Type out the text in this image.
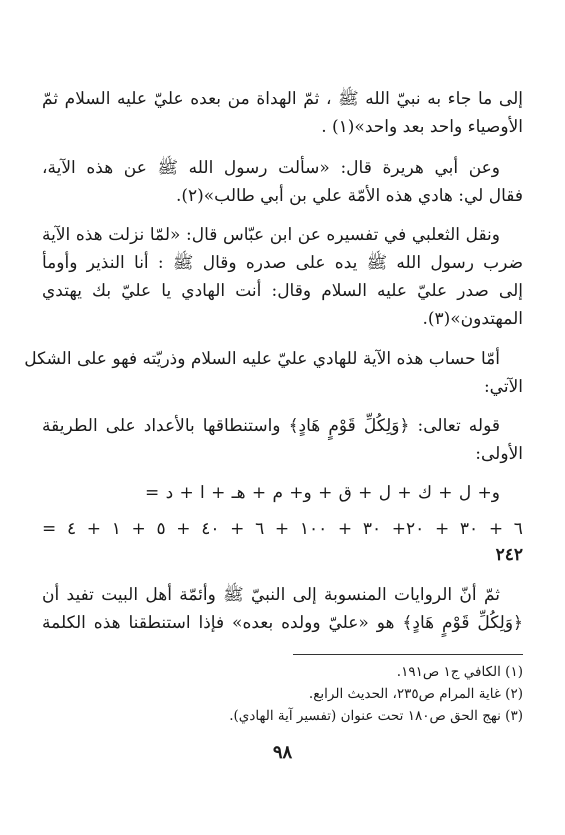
إلى ما جاء به نبيّ الله ﷺ ، ثمّ الهداة من بعده عليّ عليه السلام ثمّ
الأوصياء واحد بعد واحد»(١) .
وعن أبي هريرة قال: «سألت رسول الله ﷺ عن هذه الآية،
فقال لي: هادي هذه الأمّة علي بن أبي طالب»(٢).
ونقل الثعلبي في تفسيره عن ابن عبّاس قال: «لمّا نزلت هذه الآية
ضرب رسول الله ﷺ يده على صدره وقال ﷺ : أنا النذير وأومأ
إلى صدر عليّ عليه السلام وقال: أنت الهادي يا عليّ بك يهتدي
المهتدون»(٣).
أمّا حساب هذه الآية للهادي عليّ عليه السلام وذريّته فهو على الشكل
الآتي:
قوله تعالى: ﴿وَلِكُلِّ قَوْمٍ هَادٍ﴾ واستنطاقها بالأعداد على الطريقة
الأولى:
و+ ل + ك + ل + ق + و+ م + هـ + ا + د =
٦ + ٣٠ + ٢٠+ ٣٠ + ١٠٠ + ٦ + ٤٠ + ٥ + ١ + ٤ =
٢٤٢
ثمّ أنّ الروايات المنسوبة إلى النبيّ ﷺ وأئمّة أهل البيت تفيد أن
﴿وَلِكُلِّ قَوْمٍ هَادٍ﴾ هو «عليّ وولده بعده» فإذا استنطقنا هذه الكلمة
(١) الكافي ج١ ص١٩١.
(٢) غاية المرام ص٢٣٥، الحديث الرابع.
(٣) نهج الحق ص١٨٠ تحت عنوان (تفسير آية الهادي).
٩٨
